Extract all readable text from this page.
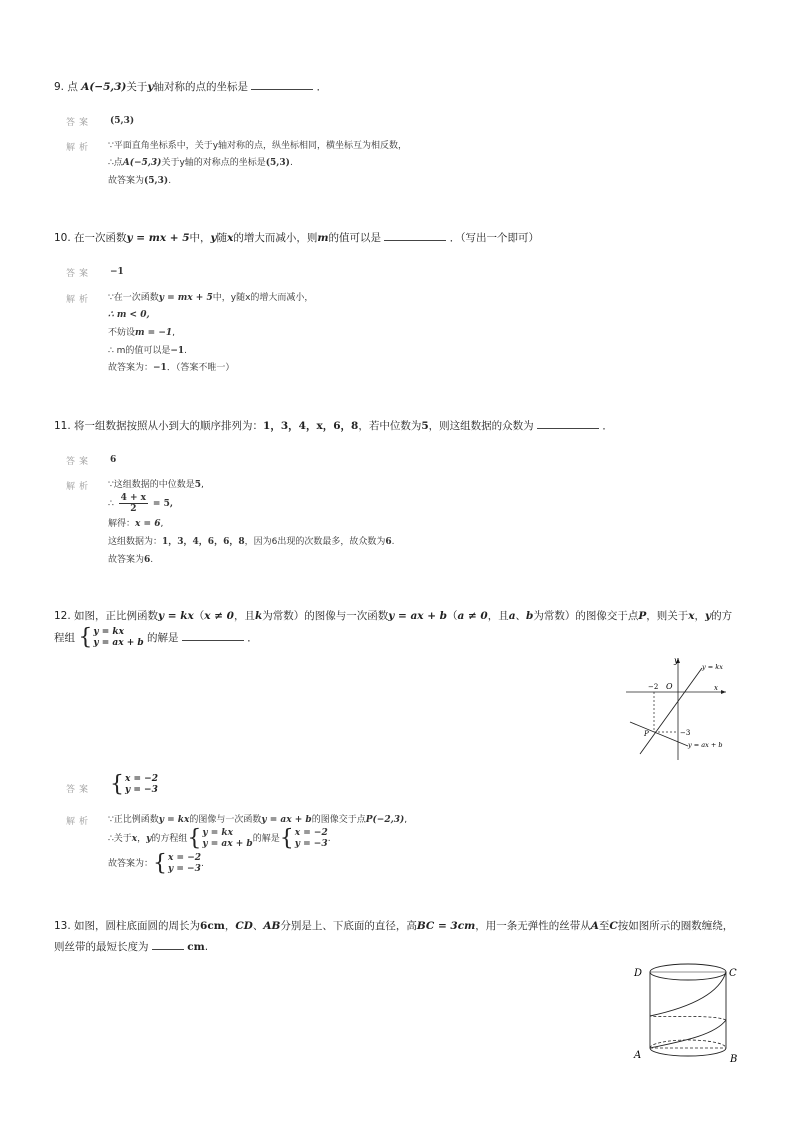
9. 点 A(−5,3)关于y轴对称的点的坐标是	．
答案 (5,3)
解析 ∵平面直角坐标系中，关于y轴对称的点，纵坐标相同，横坐标互为相反数，
∴点A(−5,3)关于y轴的对称点的坐标是(5,3).
故答案为(5,3).
10. 在一次函数y = mx + 5中，y随x的增大而减小，则m的值可以是	．（写出一个即可）
答案 −1
解析 ∵在一次函数y = mx + 5中，y随x的增大而减小，
∴ m < 0,
不妨设m = −1,
∴ m的值可以是−1.
故答案为：−1．（答案不唯一）
11. 将一组数据按照从小到大的顺序排列为：1，3，4，x，6，8，若中位数为5，则这组数据的众数为	．
答案 6
解析 ∵这组数据的中位数是5,
∴ $\frac{4 + x}{2} = 5$,
解得：x = 6,
这组数据为：1，3，4，6，6，8，因为6出现的次数最多，故众数为6.
故答案为6.
12. 如图，正比例函数y = kx（x ≠ 0，且k为常数）的图像与一次函数y = ax + b（a ≠ 0，且a、b为常数）的图像交于点P，则关于x，y的方
程组 { y = kx
y = ax + b 的解是	．
y
x
O
−2
−3
P
y = kx
y = ax + b
答案 { x = −2
y = −3
解析 ∵正比例函数y = kx的图像与一次函数y = ax + b的图像交于点P(−2,3),
∴关于 x ， y 的方程组 { y = kx
y = ax + b 的解是 { x = −2
y = −3 .
故答案为： { x = −2
y = −3 .
13. 如图，圆柱底面圆的周长为6cm，CD、AB分别是上、下底面的直径，高BC = 3cm，用一条无弹性的丝带从A至C按如图所示的圈数缠绕，
则丝带的最短长度为	cm.
D	C
A	B
